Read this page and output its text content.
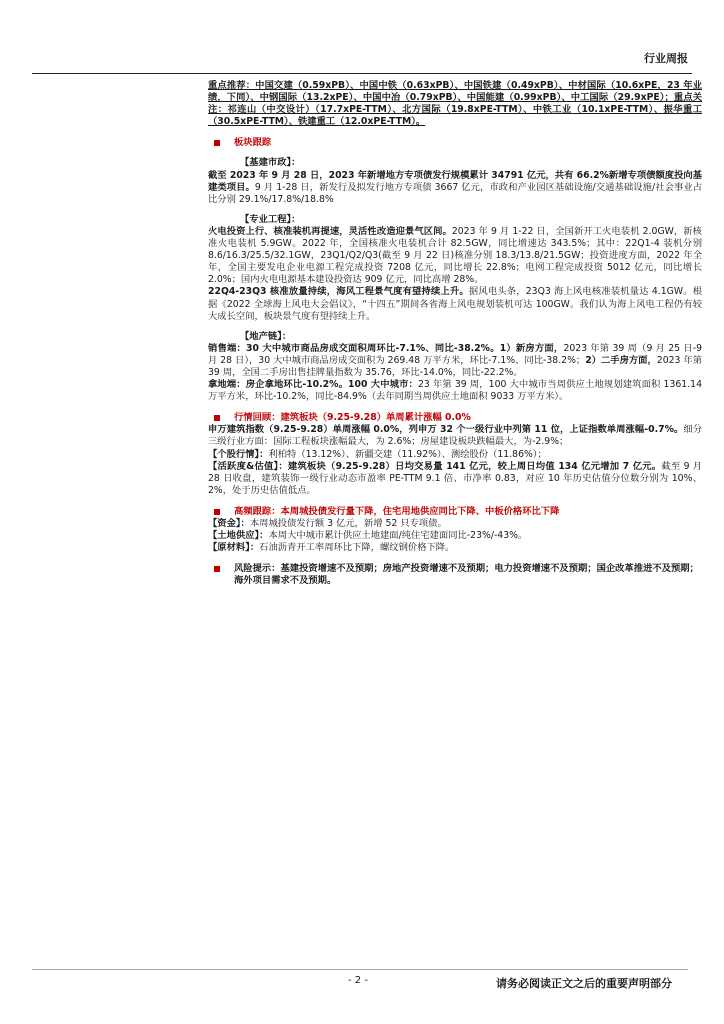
行业周报

重点推荐：中国交建（0.59xPB）、中国中铁（0.63xPB）、中国铁建（0.49xPB）、中材国际（10.6xPE，23 年业绩，下同）、中钢国际（13.2xPE）、中国中冶（0.79xPB）、中国能建（0.99xPB）、中工国际（29.9xPE）；重点关注：祁连山（中交设计）（17.7xPE-TTM）、北方国际（19.8xPE-TTM）、中铁工业（10.1xPE-TTM）、振华重工（30.5xPE-TTM）、铁建重工（12.0xPE-TTM）。

板块跟踪
【基建市政】：

截至 2023 年 9 月 28 日，2023 年新增地方专项债发行规模累计 34791 亿元，共有 66.2%新增专项债额度投向基建类项目。9 月 1-28 日，新发行及拟发行地方专项债 3667 亿元，市政和产业园区基础设施/交通基础设施/社会事业占比分别 29.1%/17.8%/18.8%

【专业工程】：

火电投资上行、核准装机再提速，灵活性改造迎景气区间。2023 年 9 月 1-22 日，全国新开工火电装机 2.0GW，新核准火电装机 5.9GW。2022 年，全国核准火电装机合计 82.5GW，同比增速达 343.5%；其中：22Q1-4 装机分别 8.6/16.3/25.5/32.1GW，23Q1/Q2/Q3(截至 9 月 22 日)核准分别 18.3/13.8/21.5GW；投资进度方面，2022 年全年，全国主要发电企业电源工程完成投资 7208 亿元，同比增长 22.8%；电网工程完成投资 5012 亿元，同比增长 2.0%；国内火电电源基本建设投资达 909 亿元，同比高增 28%。

22Q4-23Q3 核准放量持续，海风工程景气度有望持续上升。据风电头条，23Q3 海上风电核准装机量达 4.1GW。根据《2022 全球海上风电大会倡议》，“十四五”期间各省海上风电规划装机可达 100GW。我们认为海上风电工程仍有较大成长空间，板块景气度有望持续上升。

【地产链】：

销售端：30 大中城市商品房成交面积周环比-7.1%、同比-38.2%。1）新房方面，2023 年第 39 周（9 月 25 日-9 月 28 日），30 大中城市商品房成交面积为 269.48 万平方米，环比-7.1%、同比-38.2%；2）二手房方面，2023 年第 39 周，全国二手房出售挂牌量指数为 35.76，环比-14.0%，同比-22.2%。

拿地端：房企拿地环比-10.2%。100 大中城市：23 年第 39 周，100 大中城市当周供应土地规划建筑面积 1361.14 万平方米，环比-10.2%，同比-84.9%（去年同期当周供应土地面积 9033 万平方米）。

行情回顾：建筑板块（9.25-9.28）单周累计涨幅 0.0%

申万建筑指数（9.25-9.28）单周涨幅 0.0%，列申万 32 个一级行业中列第 11 位，上证指数单周涨幅-0.7%。细分三级行业方面：国际工程板块涨幅最大，为 2.6%；房屋建设板块跌幅最大，为-2.9%；

【个股行情】：利柏特（13.12%）、新疆交建（11.92%）、测绘股份（11.86%）；

【活跃度&估值】：建筑板块（9.25-9.28）日均交易量 141 亿元，较上周日均值 134 亿元增加 7 亿元。截至 9 月 28 日收盘，建筑装饰一级行业动态市盈率 PE-TTM 9.1 倍、市净率 0.83，对应 10 年历史估值分位数分别为 10%、2%，处于历史估值低点。

高频跟踪：本周城投债发行量下降，住宅用地供应同比下降、中板价格环比下降

【资金】：本周城投债发行额 3 亿元，新增 52 只专项债。

【土地供应】：本周大中城市累计供应土地建面/纯住宅建面同比-23%/-43%。

【原材料】：石油沥青开工率周环比下降，螺纹钢价格下降。

风险提示：基建投资增速不及预期；房地产投资增速不及预期；电力投资增速不及预期；国企改革推进不及预期；海外项目需求不及预期。
- 2 -	请务必阅读正文之后的重要声明部分
